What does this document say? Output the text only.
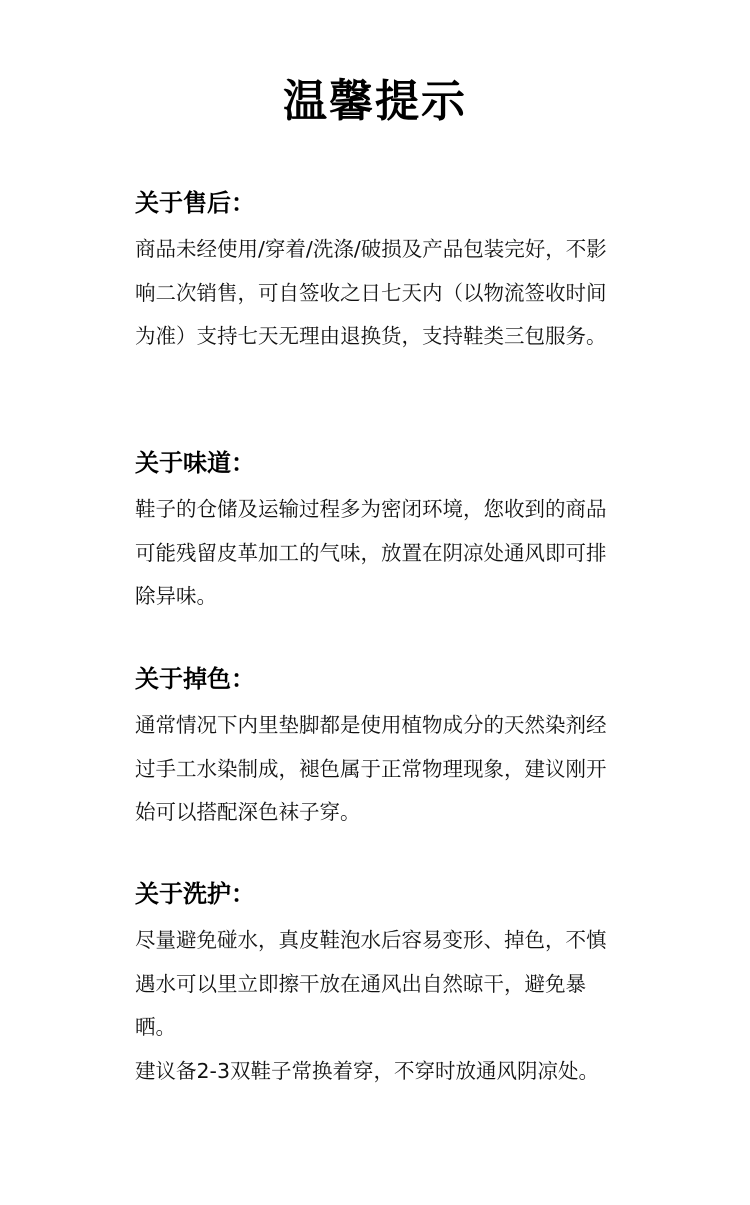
温馨提示
关于售后：

商品未经使用/穿着/洗涤/破损及产品包装完好，不影响二次销售，可自签收之日七天内（以物流签收时间为准）支持七天无理由退换货，支持鞋类三包服务。

关于味道：

鞋子的仓储及运输过程多为密闭环境，您收到的商品可能残留皮革加工的气味，放置在阴凉处通风即可排除异味。

关于掉色：

通常情况下内里垫脚都是使用植物成分的天然染剂经过手工水染制成，褪色属于正常物理现象，建议刚开始可以搭配深色袜子穿。

关于洗护：

尽量避免碰水，真皮鞋泡水后容易变形、掉色，不慎遇水可以里立即擦干放在通风出自然晾干，避免暴晒。

建议备2-3双鞋子常换着穿，不穿时放通风阴凉处。
